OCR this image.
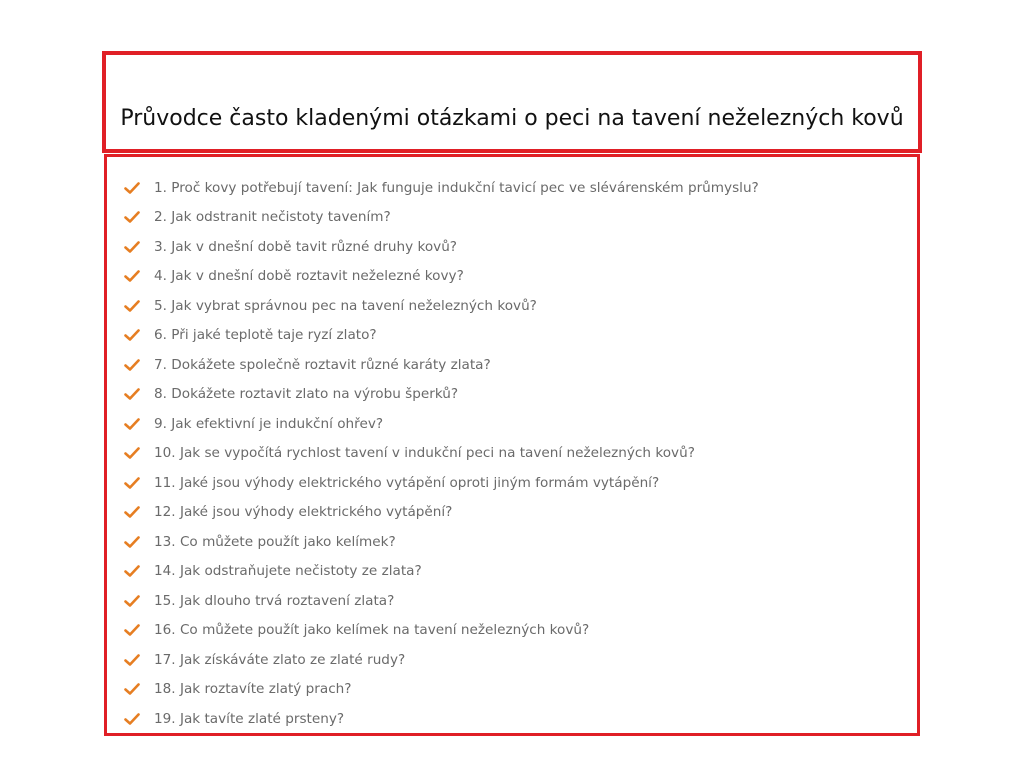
Průvodce často kladenými otázkami o peci na tavení neželezných kovů
1. Proč kovy potřebují tavení: Jak funguje indukční tavicí pec ve slévárenském průmyslu?
2. Jak odstranit nečistoty tavením?
3. Jak v dnešní době tavit různé druhy kovů?
4. Jak v dnešní době roztavit neželezné kovy?
5. Jak vybrat správnou pec na tavení neželezných kovů?
6. Při jaké teplotě taje ryzí zlato?
7. Dokážete společně roztavit různé karáty zlata?
8. Dokážete roztavit zlato na výrobu šperků?
9. Jak efektivní je indukční ohřev?
10. Jak se vypočítá rychlost tavení v indukční peci na tavení neželezných kovů?
11. Jaké jsou výhody elektrického vytápění oproti jiným formám vytápění?
12. Jaké jsou výhody elektrického vytápění?
13. Co můžete použít jako kelímek?
14. Jak odstraňujete nečistoty ze zlata?
15. Jak dlouho trvá roztavení zlata?
16. Co můžete použít jako kelímek na tavení neželezných kovů?
17. Jak získáváte zlato ze zlaté rudy?
18. Jak roztavíte zlatý prach?
19. Jak tavíte zlaté prsteny?
